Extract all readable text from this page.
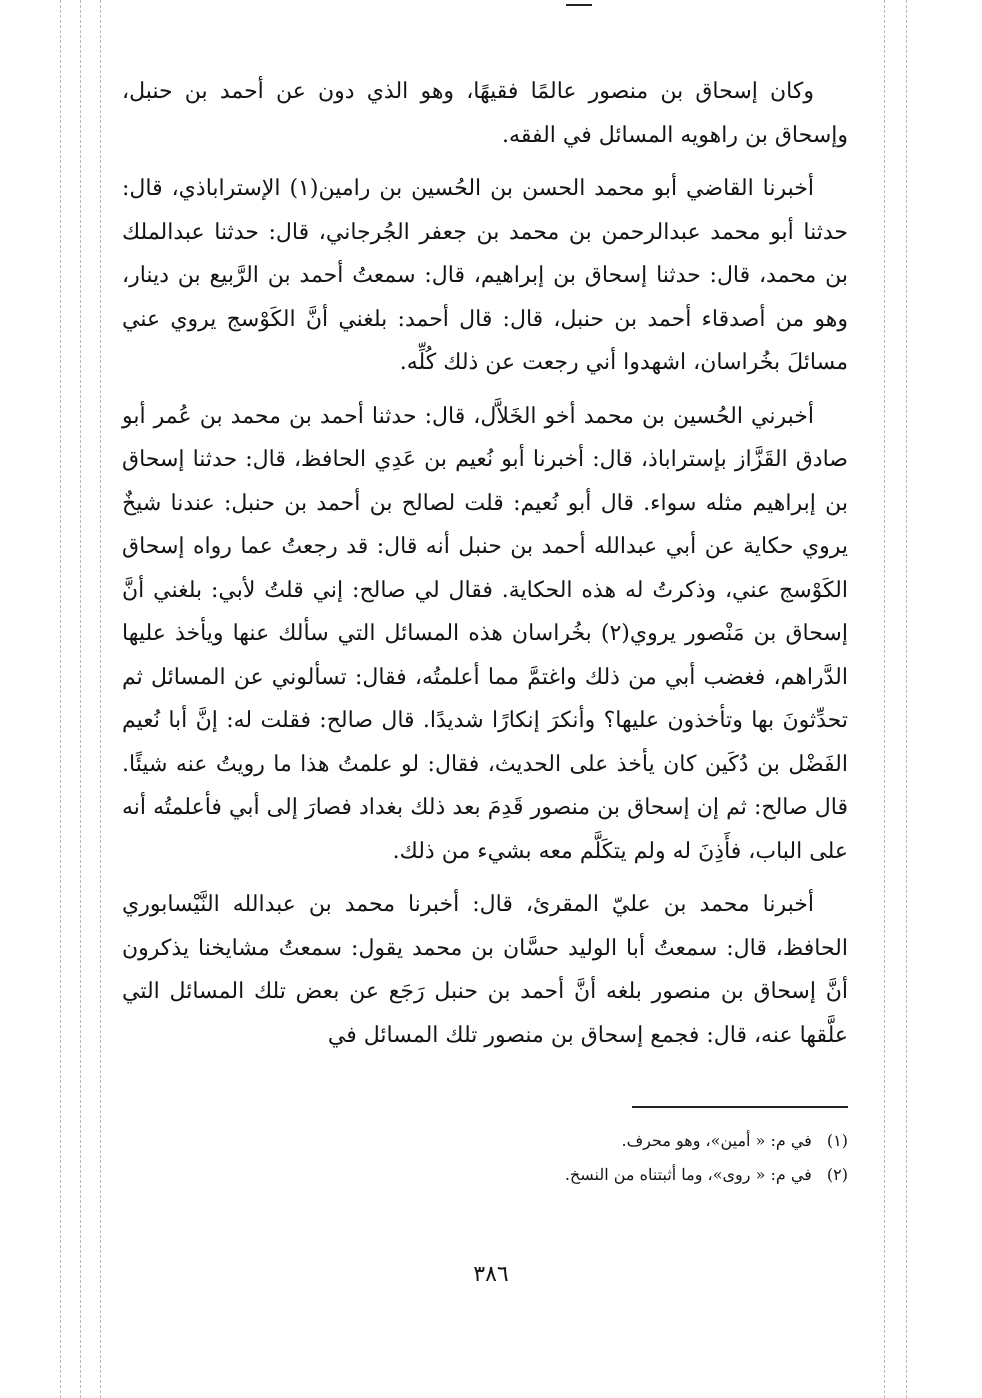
وكان إسحاق بن منصور عالمًا فقيهًا، وهو الذي دون عن أحمد بن حنبل، وإسحاق بن راهويه المسائل في الفقه.

أخبرنا القاضي أبو محمد الحسن بن الحُسين بن رامين(١) الإستراباذي، قال: حدثنا أبو محمد عبدالرحمن بن محمد بن جعفر الجُرجاني، قال: حدثنا عبدالملك بن محمد، قال: حدثنا إسحاق بن إبراهيم، قال: سمعتُ أحمد بن الرَّبيع بن دينار، وهو من أصدقاء أحمد بن حنبل، قال: قال أحمد: بلغني أنَّ الكَوْسج يروي عني مسائلَ بخُراسان، اشهدوا أني رجعت عن ذلك كُلِّه.

أخبرني الحُسين بن محمد أخو الخَلاَّل، قال: حدثنا أحمد بن محمد بن عُمر أبو صادق القَزَّاز بإستراباذ، قال: أخبرنا أبو نُعيم بن عَدِي الحافظ، قال: حدثنا إسحاق بن إبراهيم مثله سواء. قال أبو نُعيم: قلت لصالح بن أحمد بن حنبل: عندنا شيخٌ يروي حكاية عن أبي عبدالله أحمد بن حنبل أنه قال: قد رجعتُ عما رواه إسحاق الكَوْسج عني، وذكرتُ له هذه الحكاية. فقال لي صالح: إني قلتُ لأبي: بلغني أنَّ إسحاق بن مَنْصور يروي(٢) بخُراسان هذه المسائل التي سألك عنها ويأخذ عليها الدَّراهم، فغضب أبي من ذلك واغتمَّ مما أعلمتُه، فقال: تسألوني عن المسائل ثم تحدِّثونَ بها وتأخذون عليها؟ وأنكرَ إنكارًا شديدًا. قال صالح: فقلت له: إنَّ أبا نُعيم الفَضْل بن دُكَين كان يأخذ على الحديث، فقال: لو علمتُ هذا ما رويتُ عنه شيئًا. قال صالح: ثم إن إسحاق بن منصور قَدِمَ بعد ذلك بغداد فصارَ إلى أبي فأعلمتُه أنه على الباب، فأَذِنَ له ولم يتكَلَّم معه بشيء من ذلك.

أخبرنا محمد بن عليّ المقرئ، قال: أخبرنا محمد بن عبدالله النَّيْسابوري الحافظ، قال: سمعتُ أبا الوليد حسَّان بن محمد يقول: سمعتُ مشايخنا يذكرون أنَّ إسحاق بن منصور بلغه أنَّ أحمد بن حنبل رَجَع عن بعض تلك المسائل التي علَّقها عنه، قال: فجمع إسحاق بن منصور تلك المسائل في

(١) في م: « أمين»، وهو محرف.
(٢) في م: « روى»، وما أثبتناه من النسخ.
٣٨٦
